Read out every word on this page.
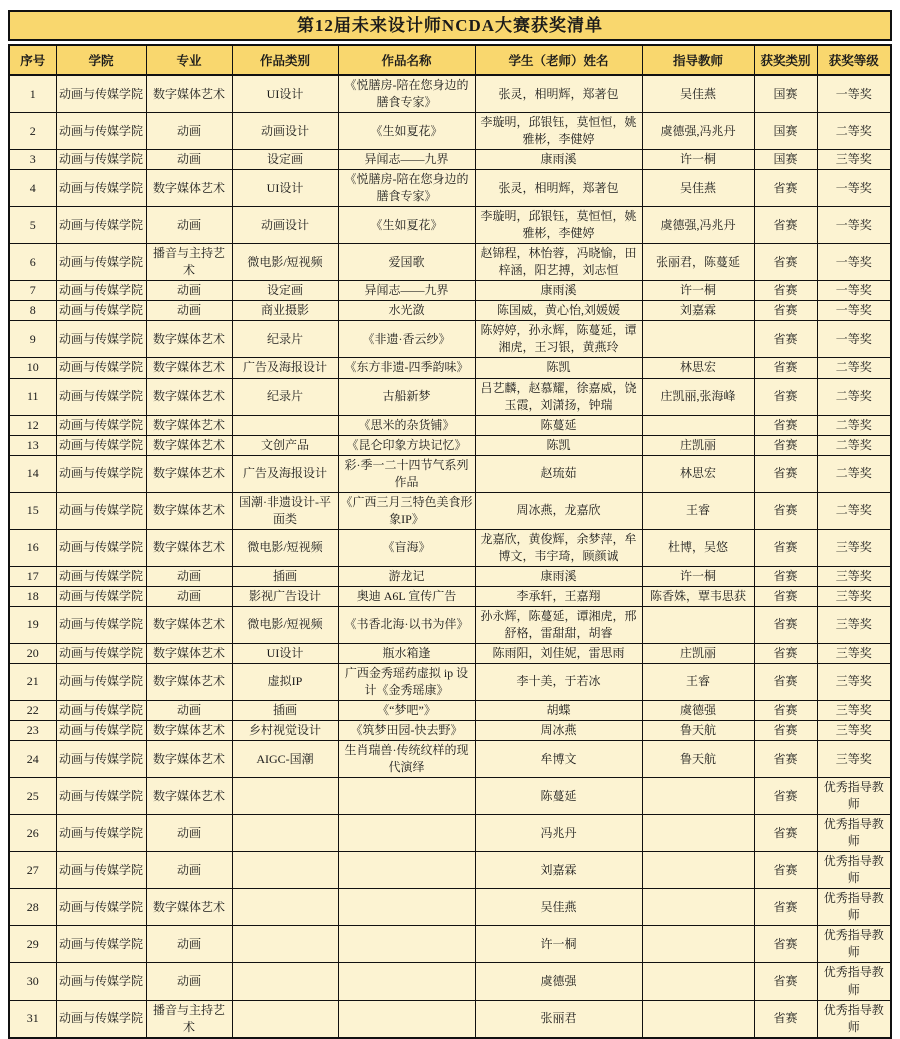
第12届未来设计师NCDA大赛获奖清单
序号	学院	专业	作品类别	作品名称	学生（老师）姓名	指导教师	获奖类别	获奖等级
1	动画与传媒学院	数字媒体艺术	UI设计	《悦膳房-陪在您身边的膳食专家》	张灵，相明辉，郑著包	吴佳燕	国赛	一等奖
2	动画与传媒学院	动画	动画设计	《生如夏花》	李璇明，邱银钰，莫恒恒，姚雅彬，李健婷	虞德强,冯兆丹	国赛	二等奖
3	动画与传媒学院	动画	设定画	异闻志——九界	康雨溪	许一桐	国赛	三等奖
4	动画与传媒学院	数字媒体艺术	UI设计	《悦膳房-陪在您身边的膳食专家》	张灵，相明辉，郑著包	吴佳燕	省赛	一等奖
5	动画与传媒学院	动画	动画设计	《生如夏花》	李璇明，邱银钰，莫恒恒，姚雅彬，李健婷	虞德强,冯兆丹	省赛	一等奖
6	动画与传媒学院	播音与主持艺术	微电影/短视频	爱国歌	赵锦程，林怡蓉，冯晓愉，田梓涵，阳艺搏，刘志恒	张丽君，陈蔓延	省赛	一等奖
7	动画与传媒学院	动画	设定画	异闻志——九界	康雨溪	许一桐	省赛	一等奖
8	动画与传媒学院	动画	商业摄影	水光潋	陈国威，黄心怡,刘媛媛	刘嘉霖	省赛	一等奖
9	动画与传媒学院	数字媒体艺术	纪录片	《非遗·香云纱》	陈婷婷，孙永辉，陈蔓延，谭湘虎，王习银，黄燕玲		省赛	一等奖
10	动画与传媒学院	数字媒体艺术	广告及海报设计	《东方非遗-四季韵味》	陈凯	林思宏	省赛	二等奖
11	动画与传媒学院	数字媒体艺术	纪录片	古船新梦	吕艺麟，赵慕耀，徐嘉威，饶玉霞，刘潇扬，钟瑞	庄凯丽,张海峰	省赛	二等奖
12	动画与传媒学院	数字媒体艺术		《思米的杂货铺》	陈蔓延		省赛	二等奖
13	动画与传媒学院	数字媒体艺术	文创产品	《昆仑印象方块记忆》	陈凯	庄凯丽	省赛	二等奖
14	动画与传媒学院	数字媒体艺术	广告及海报设计	彩·季一二十四节气系列作品	赵琉茹	林思宏	省赛	二等奖
15	动画与传媒学院	数字媒体艺术	国潮·非遗设计-平面类	《广西三月三特色美食形象IP》	周冰燕，龙嘉欣	王睿	省赛	二等奖
16	动画与传媒学院	数字媒体艺术	微电影/短视频	《盲海》	龙嘉欣，黄俊辉，余梦萍，牟博文，韦宇琦，顾颜诚	杜博，吴悠	省赛	三等奖
17	动画与传媒学院	动画	插画	游龙记	康雨溪	许一桐	省赛	三等奖
18	动画与传媒学院	动画	影视广告设计	奥迪 A6L 宣传广告	李承轩，王嘉翔	陈香姝，覃韦思获	省赛	三等奖
19	动画与传媒学院	数字媒体艺术	微电影/短视频	《书香北海·以书为伴》	孙永辉，陈蔓延，谭湘虎，邢舒格，雷甜甜，胡睿		省赛	三等奖
20	动画与传媒学院	数字媒体艺术	UI设计	瓶水箱逢	陈雨阳，刘佳妮，雷思雨	庄凯丽	省赛	三等奖
21	动画与传媒学院	数字媒体艺术	虚拟IP	广西金秀瑶药虚拟 ip 设计《金秀瑶康》	李十美，于若冰	王睿	省赛	三等奖
22	动画与传媒学院	动画	插画	《“梦吧”》	胡蝶	虞德强	省赛	三等奖
23	动画与传媒学院	数字媒体艺术	乡村视觉设计	《筑梦田园-快去野》	周冰燕	鲁天航	省赛	三等奖
24	动画与传媒学院	数字媒体艺术	AIGC-国潮	生肖瑞兽·传统纹样的现代演绎	牟博文	鲁天航	省赛	三等奖
25	动画与传媒学院	数字媒体艺术			陈蔓延		省赛	优秀指导教师
26	动画与传媒学院	动画			冯兆丹		省赛	优秀指导教师
27	动画与传媒学院	动画			刘嘉霖		省赛	优秀指导教师
28	动画与传媒学院	数字媒体艺术			吴佳燕		省赛	优秀指导教师
29	动画与传媒学院	动画			许一桐		省赛	优秀指导教师
30	动画与传媒学院	动画			虞德强		省赛	优秀指导教师
31	动画与传媒学院	播音与主持艺术			张丽君		省赛	优秀指导教师
